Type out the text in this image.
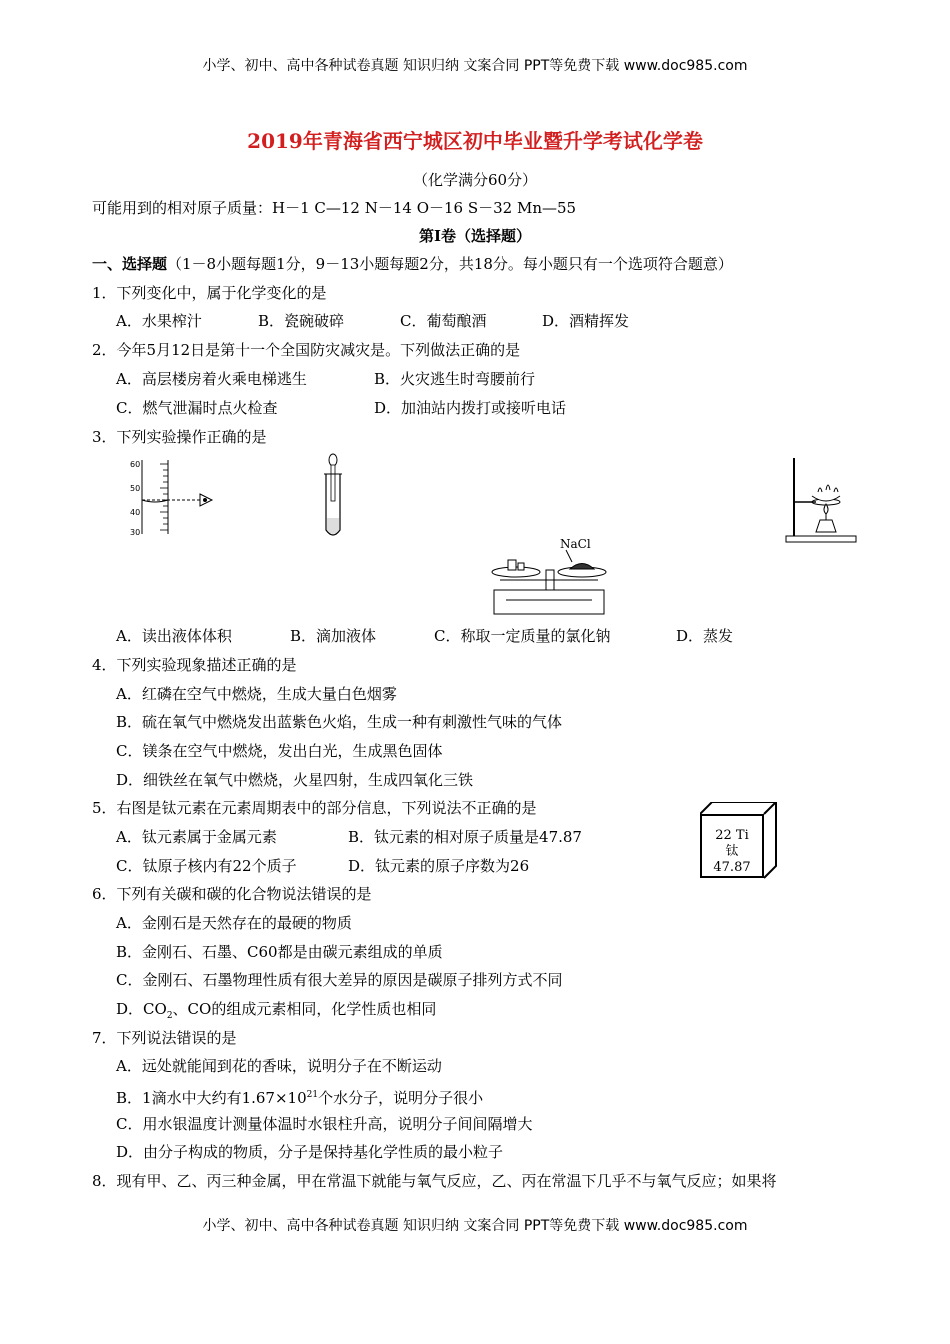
小学、初中、高中各种试卷真题 知识归纳 文案合同 PPT等免费下载 www.doc985.com
2019年青海省西宁城区初中毕业暨升学考试化学卷
（化学满分60分）
可能用到的相对原子质量：H－1 C—12 N－14 O－16 S－32 Mn—55
第Ⅰ卷（选择题）
一、选择题（1－8小题每题1分，9－13小题每题2分，共18分。每小题只有一个选项符合题意）
1．下列变化中，属于化学变化的是
A．水果榨汁	B．瓷碗破碎	C．葡萄酿酒	D．酒精挥发
2．今年5月12日是第十一个全国防灾减灾是。下列做法正确的是
A．高层楼房着火乘电梯逃生	B．火灾逃生时弯腰前行
C．燃气泄漏时点火检查	D．加油站内拨打或接听电话
3．下列实验操作正确的是
60
50
40
30
NaCl
A．读出液体体积	B．滴加液体	C．称取一定质量的氯化钠	D．蒸发
4．下列实验现象描述正确的是
A．红磷在空气中燃烧，生成大量白色烟雾
B．硫在氧气中燃烧发出蓝紫色火焰，生成一种有刺激性气味的气体
C．镁条在空气中燃烧，发出白光，生成黑色固体
D．细铁丝在氧气中燃烧，火星四射，生成四氧化三铁
5．右图是钛元素在元素周期表中的部分信息，下列说法不正确的是
A．钛元素属于金属元素	B．钛元素的相对原子质量是47.87
C．钛原子核内有22个质子	D．钛元素的原子序数为26
22 Ti
钛
47.87
6．下列有关碳和碳的化合物说法错误的是
A．金刚石是天然存在的最硬的物质
B．金刚石、石墨、C60都是由碳元素组成的单质
C．金刚石、石墨物理性质有很大差异的原因是碳原子排列方式不同
D．$CO_2$、CO的组成元素相同，化学性质也相同
7．下列说法错误的是
A．远处就能闻到花的香味，说明分子在不断运动
B．1滴水中大约有$1.67\times 10^{21}$个水分子，说明分子很小
C．用水银温度计测量体温时水银柱升高，说明分子间间隔增大
D．由分子构成的物质，分子是保持基化学性质的最小粒子
8．现有甲、乙、丙三种金属，甲在常温下就能与氧气反应，乙、丙在常温下几乎不与氧气反应；如果将
小学、初中、高中各种试卷真题 知识归纳 文案合同 PPT等免费下载 www.doc985.com
